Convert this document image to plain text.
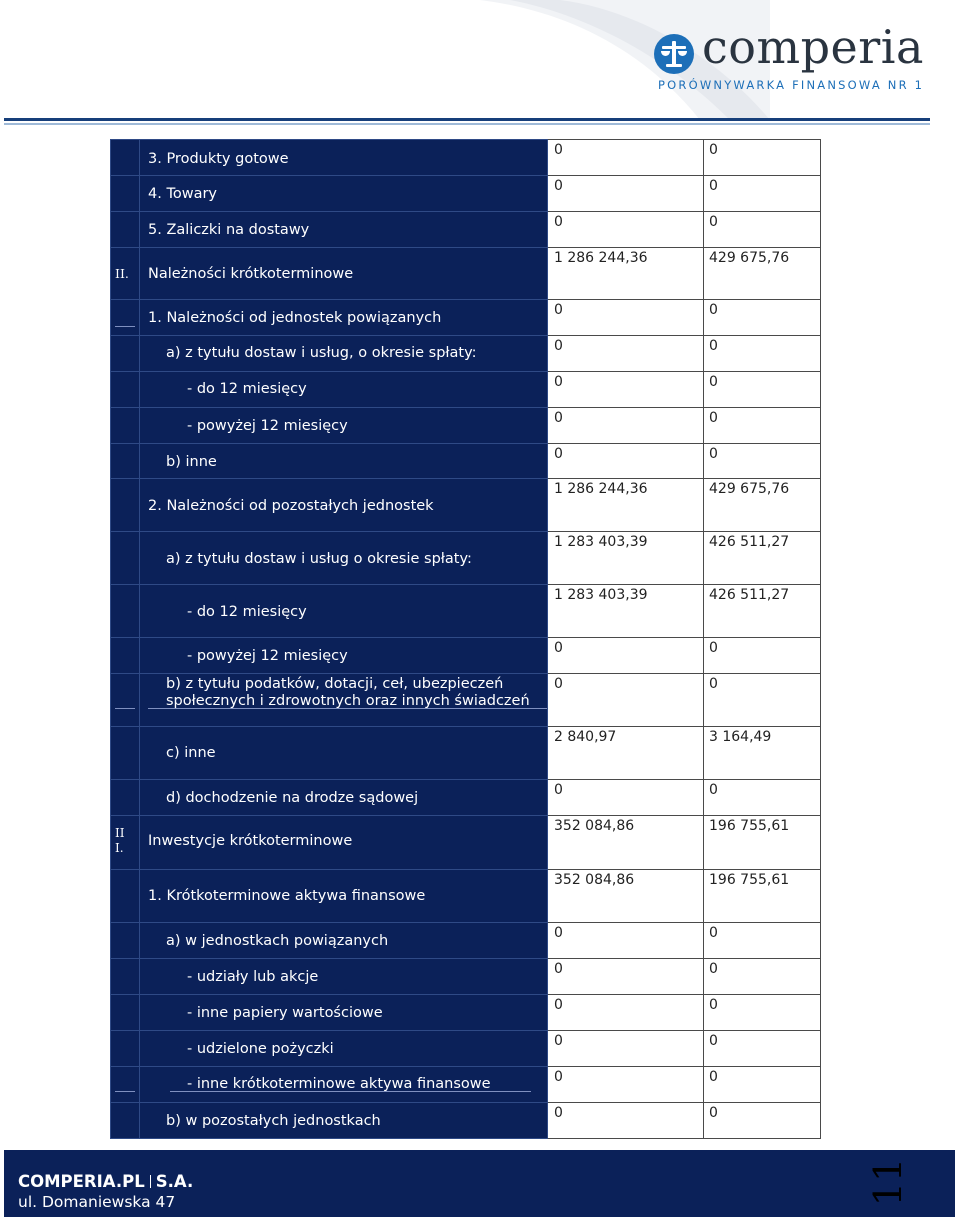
comperia
PORÓWNYWARKA FINANSOWA NR 1

	3. Produkty gotowe	0	0

	4. Towary	0	0

	5. Zaliczki na dostawy	0	0

II.	Należności krótkoterminowe	1 286 244,36	429 675,76

	1. Należności od jednostek powiązanych	0	0

	a) z tytułu dostaw i usług, o okresie spłaty:	0	0

	- do 12 miesięcy	0	0

	- powyżej 12 miesięcy	0	0

	b) inne	0	0

	2. Należności od pozostałych jednostek	1 286 244,36	429 675,76

	a) z tytułu dostaw i usług o okresie spłaty:	1 283 403,39	426 511,27

	- do 12 miesięcy	1 283 403,39	426 511,27

	- powyżej 12 miesięcy	0	0

	b) z tytułu podatków, dotacji, ceł, ubezpieczeń społecznych i zdrowotnych oraz innych świadczeń	0	0

	c) inne	2 840,97	3 164,49

	d) dochodzenie na drodze sądowej	0	0

III.	Inwestycje krótkoterminowe	352 084,86	196 755,61

	1. Krótkoterminowe aktywa finansowe	352 084,86	196 755,61

	a) w jednostkach powiązanych	0	0

	- udziały lub akcje	0	0

	- inne papiery wartościowe	0	0

	- udzielone pożyczki	0	0

	- inne krótkoterminowe aktywa finansowe	0	0

	b) w pozostałych jednostkach	0	0
COMPERIA.PL S.A.
ul. Domaniewska 47	11
